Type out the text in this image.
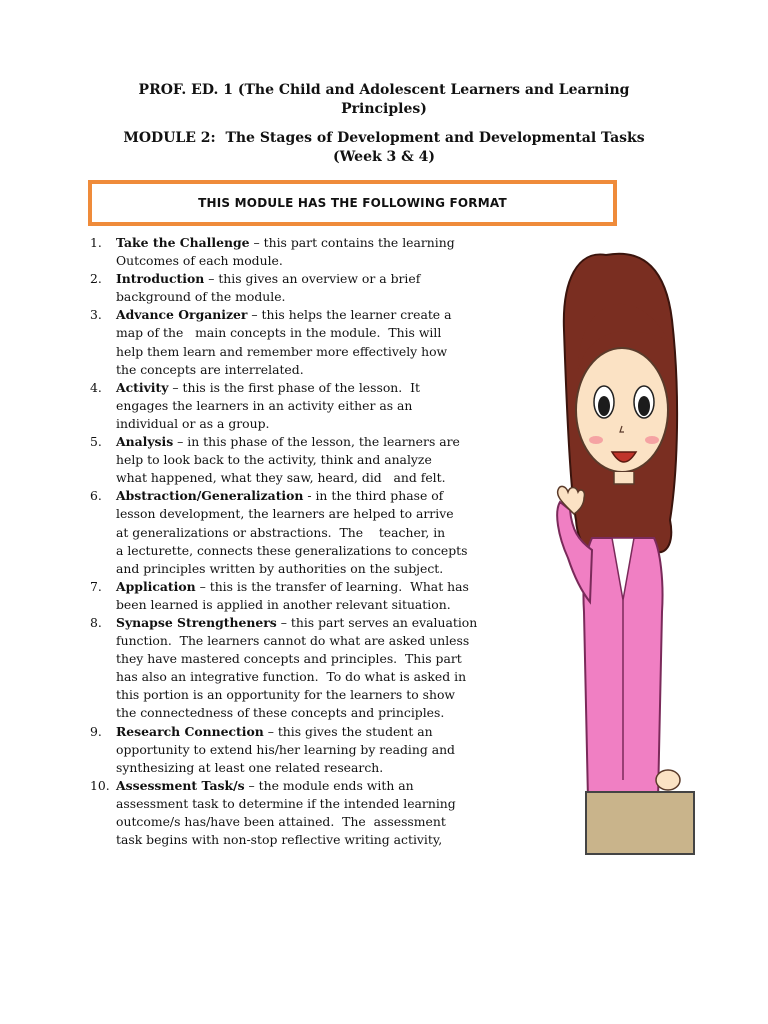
PROF. ED. 1 (The Child and Adolescent Learners and Learning
Principles)
MODULE 2:  The Stages of Development and Developmental Tasks
(Week 3 & 4)
THIS MODULE HAS THE FOLLOWING FORMAT
1.	Take the Challenge – this part contains the learning
Outcomes of each module.
2.	Introduction – this gives an overview or a brief
background of the module.
3.	Advance Organizer – this helps the learner create a
map of the   main concepts in the module.  This will
help them learn and remember more effectively how
the concepts are interrelated.
4.	Activity – this is the first phase of the lesson.  It
engages the learners in an activity either as an
individual or as a group.
5.	Analysis – in this phase of the lesson, the learners are
help to look back to the activity, think and analyze
what happened, what they saw, heard, did   and felt.
6.	Abstraction/Generalization - in the third phase of
lesson development, the learners are helped to arrive
at generalizations or abstractions.  The    teacher, in
a lecturette, connects these generalizations to concepts
and principles written by authorities on the subject.
7.	Application – this is the transfer of learning.  What has
been learned is applied in another relevant situation.
8.	Synapse Strengtheners – this part serves an evaluation
function.  The learners cannot do what are asked unless
they have mastered concepts and principles.  This part
has also an integrative function.  To do what is asked in
this portion is an opportunity for the learners to show
the connectedness of these concepts and principles.
9.	Research Connection – this gives the student an
opportunity to extend his/her learning by reading and
synthesizing at least one related research.
10. Assessment Task/s – the module ends with an
assessment task to determine if the intended learning
outcome/s has/have been attained.  The  assessment
task begins with non-stop reflective writing activity,
